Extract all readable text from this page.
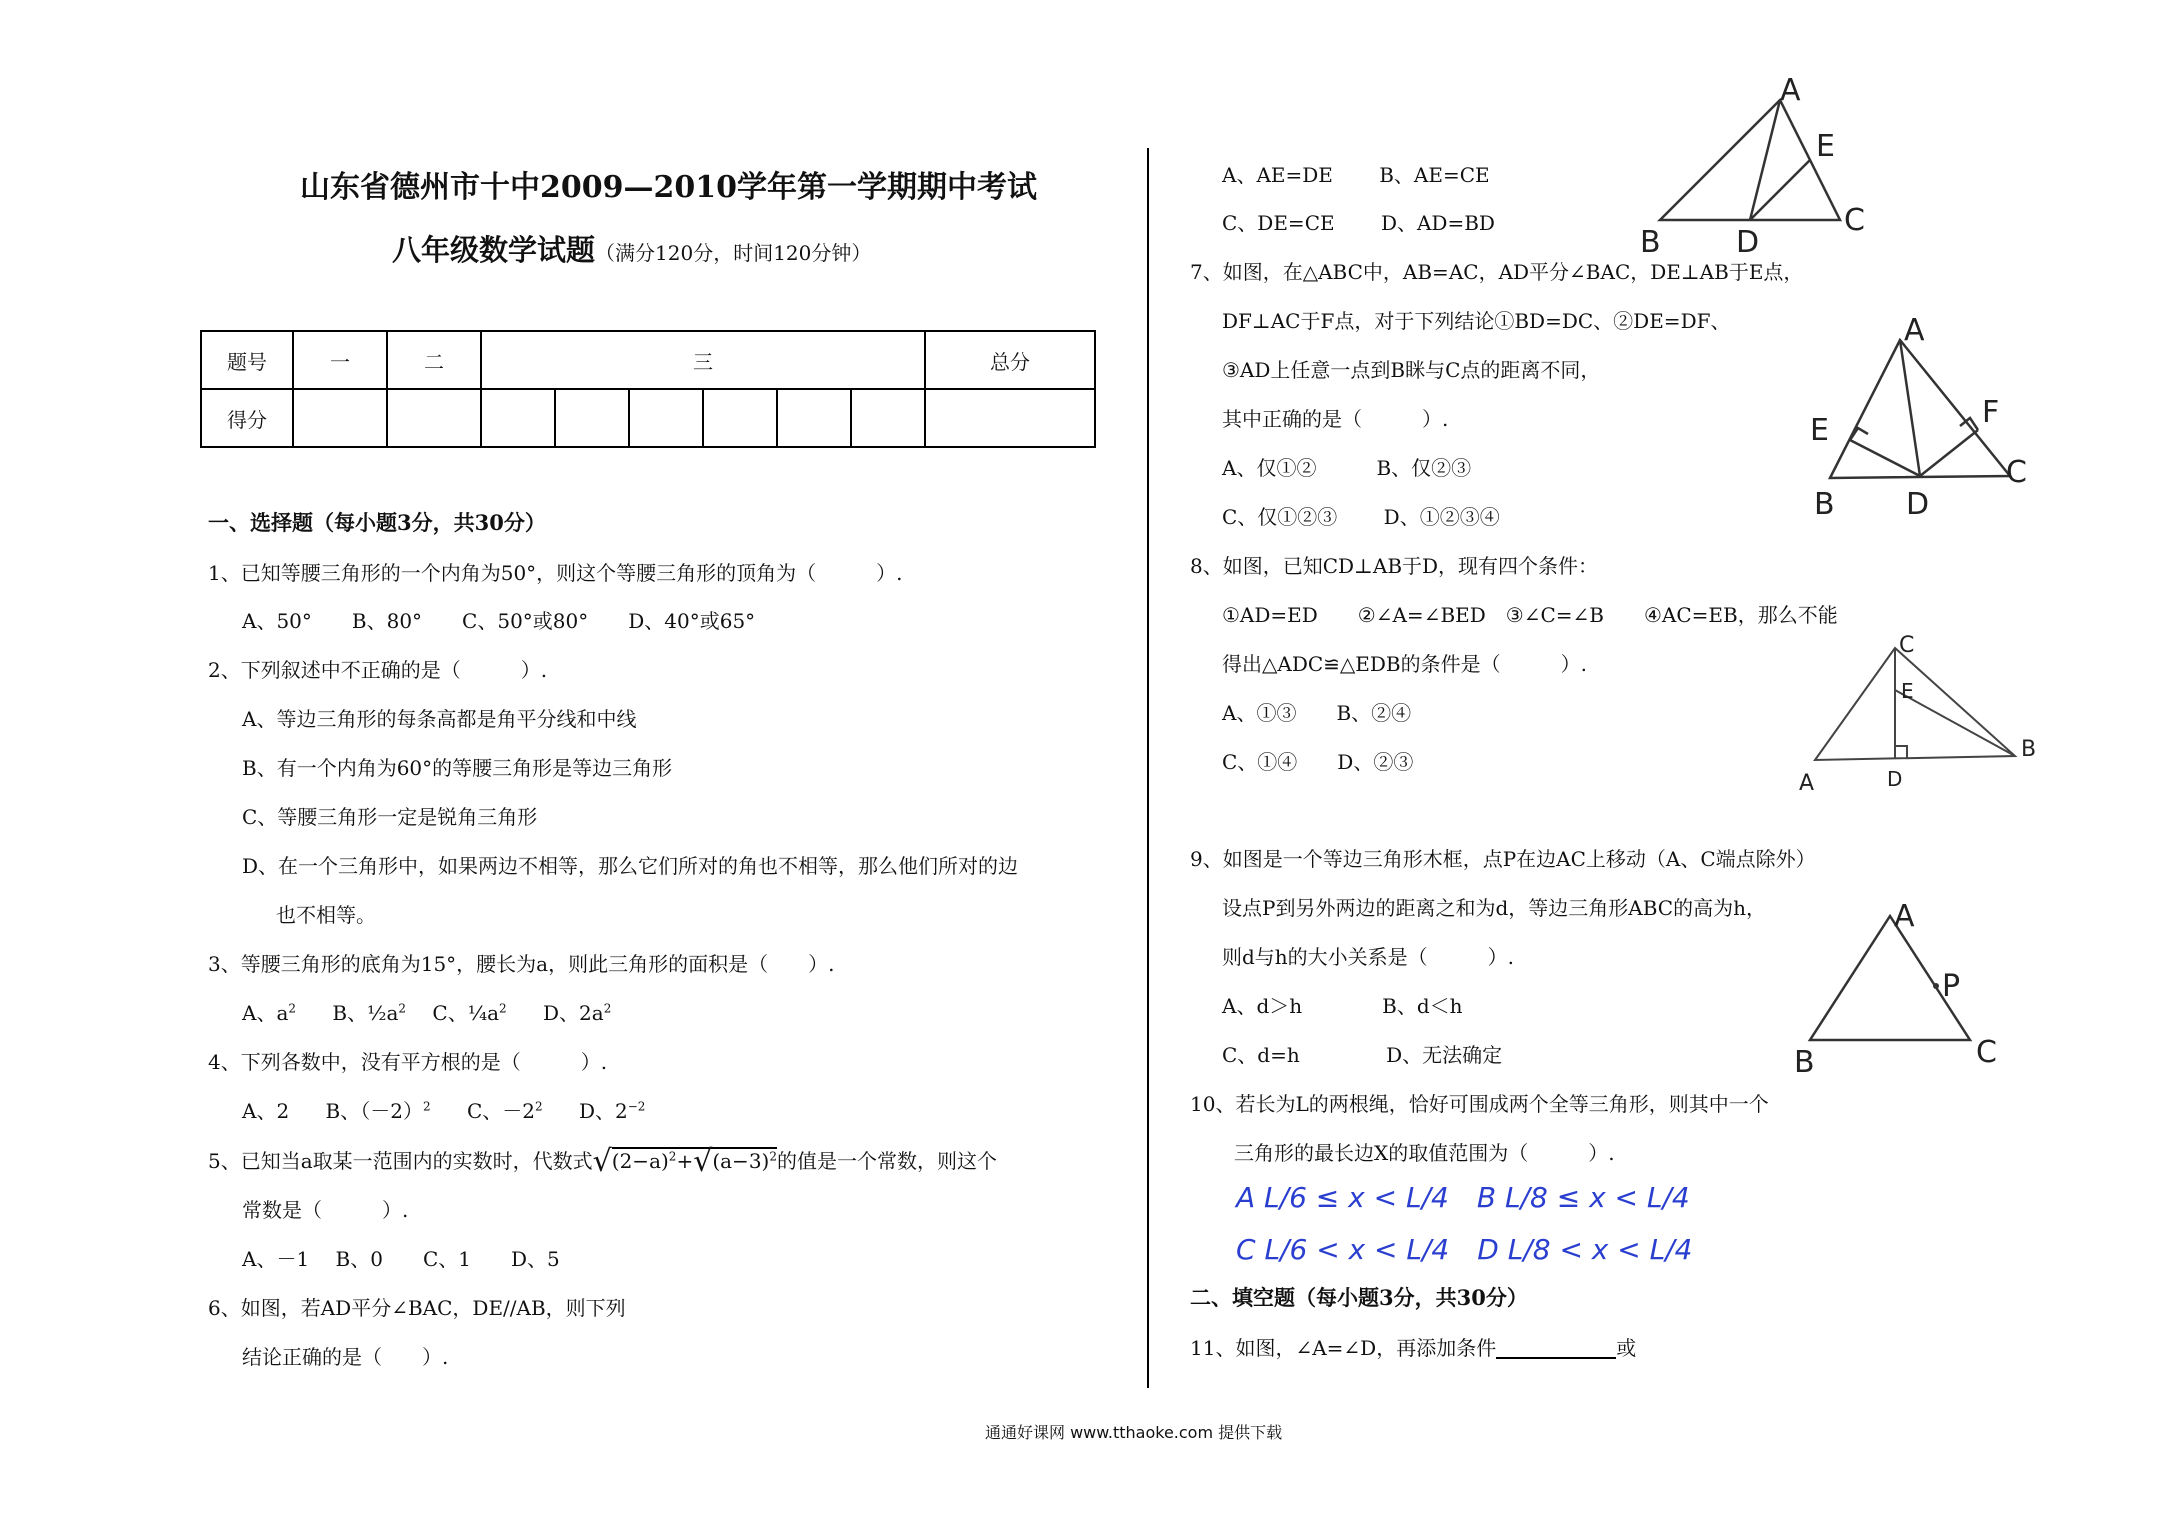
山东省德州市十中2009—2010学年第一学期期中考试
八年级数学试题（满分120分，时间120分钟）
题号	一	二	三						总分
得分									
一、选择题（每小题3分，共30分）
1、已知等腰三角形的一个内角为50°，则这个等腰三角形的顶角为（　　　）.
A、50°　　B、80°　　C、50°或80°　　D、40°或65°
2、下列叙述中不正确的是（　　　）.
A、等边三角形的每条高都是角平分线和中线
B、有一个内角为60°的等腰三角形是等边三角形
C、等腰三角形一定是锐角三角形
D、在一个三角形中，如果两边不相等，那么它们所对的角也不相等，那么他们所对的边
也不相等。
3、等腰三角形的底角为15°，腰长为a，则此三角形的面积是（　　）.
A、$a^2$   B、$\frac{1}{2}a^2$  C、$\frac{1}{4}a^2$   D、$2a^2$
4、下列各数中，没有平方根的是（　　　）.
A、2   B、$(-2)^2$   C、$-2^2$   D、$2^{-2}$
5、已知当a取某一范围内的实数时，代数式$√(2-a)^2+√(a-3)^2$的值是一个常数，则这个
常数是（　　　）.
A、－1　 B、0　　C、1　　D、5
6、如图，若AD平分∠BAC，DE//AB，则下列
结论正确的是（　　）.
A、AE=DE　　 B、AE=CE
C、DE=CE　　 D、AD=BD
7、如图，在△ABC中，AB=AC，AD平分∠BAC，DE⊥AB于E点，
DF⊥AC于F点，对于下列结论①BD=DC、②DE=DF、
③AD上任意一点到B眯与C点的距离不同，
其中正确的是（　　　）.
A、仅①②　　　B、仅②③
C、仅①②③　　 D、①②③④
8、如图，已知CD⊥AB于D，现有四个条件：
①AD=ED　　②∠A=∠BED　③∠C=∠B　　④AC=EB，那么不能
得出△ADC≌△EDB的条件是（　　　）.
A、①③　　B、②④
C、①④　　D、②③
9、如图是一个等边三角形木框，点P在边AC上移动（A、C端点除外）
设点P到另外两边的距离之和为d，等边三角形ABC的高为h，
则d与h的大小关系是（　　　）.
A、d＞h　　　　B、d＜h
C、d=h　　　　 D、无法确定
10、若长为L的两根绳，恰好可围成两个全等三角形，则其中一个
三角形的最长边X的取值范围为（　　　）.
A L/6 ≤ x < L/4　B L/8 ≤ x < L/4
C L/6 < x < L/4　D L/8 < x < L/4
二、填空题（每小题3分，共30分）
11、如图，∠A=∠D，再添加条件	或
通通好课网 www.tthaoke.com 提供下载
A
E
B	D
C
A
E
F
B D
C
C
E
A	D
B
A
P
B	C
